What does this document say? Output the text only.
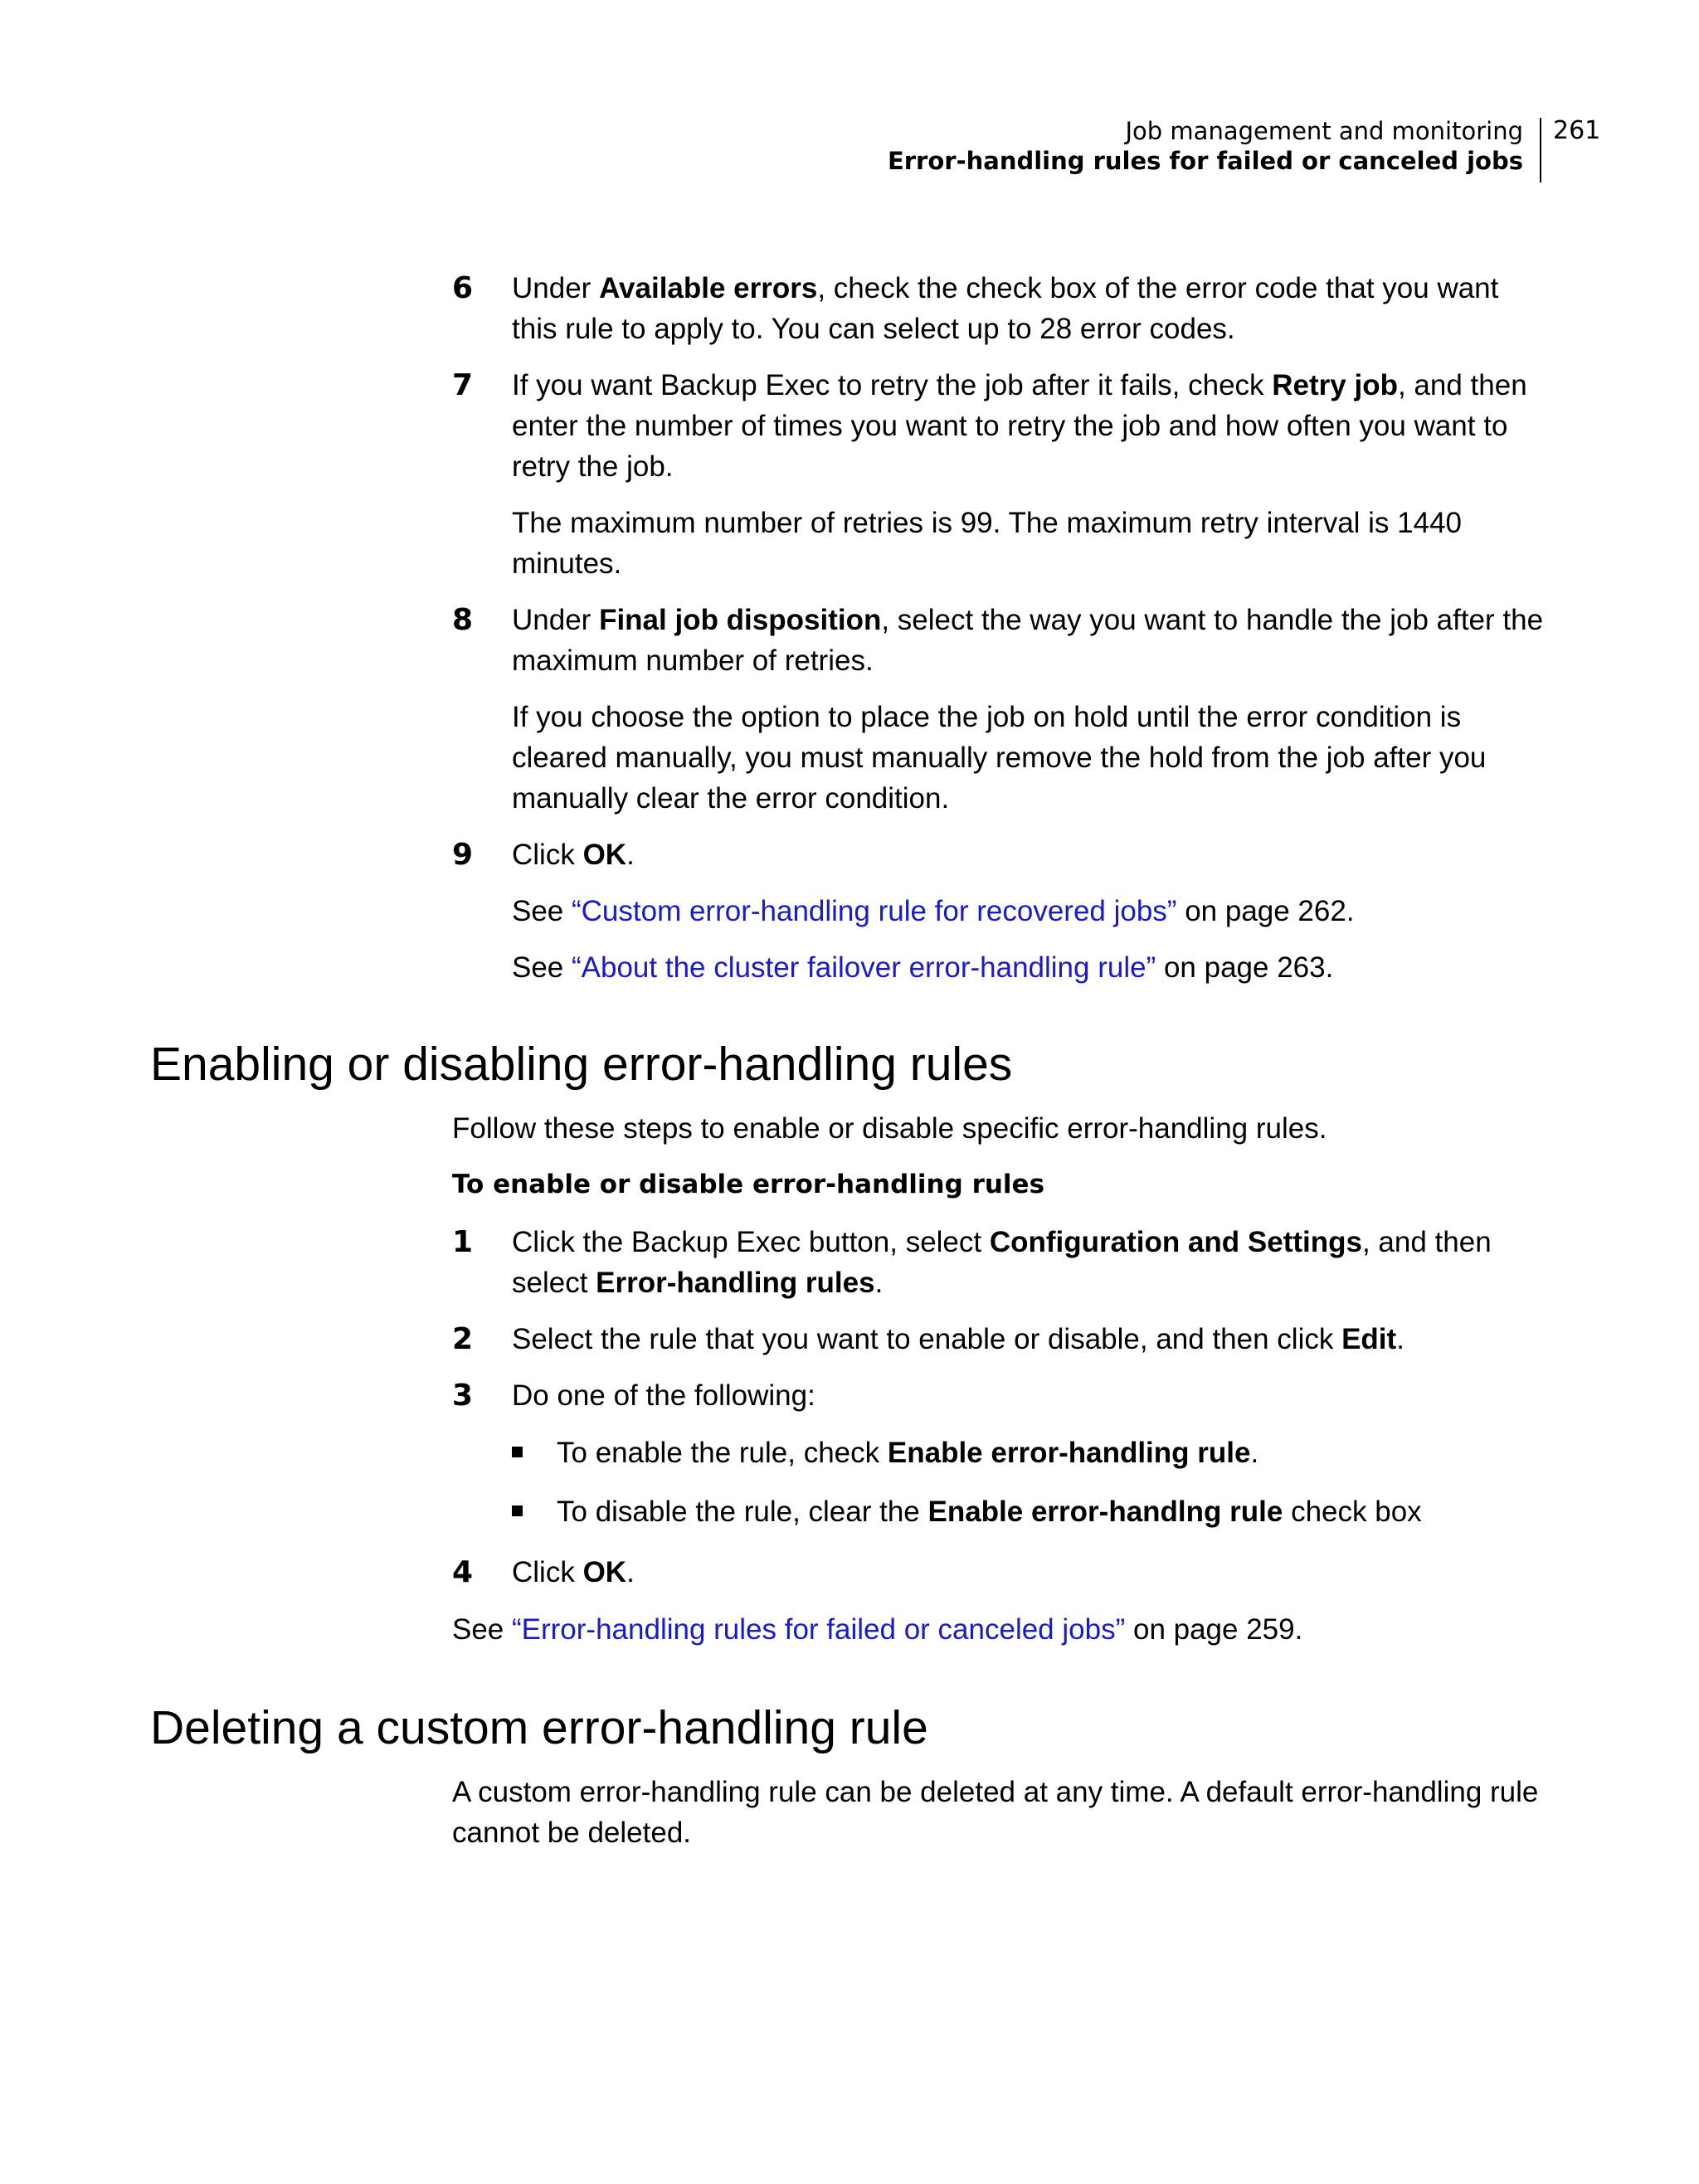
Job management and monitoring
Error-handling rules for failed or canceled jobs
261
6 Under Available errors, check the check box of the error code that you want this rule to apply to. You can select up to 28 error codes.
7 If you want Backup Exec to retry the job after it fails, check Retry job, and then enter the number of times you want to retry the job and how often you want to retry the job.
The maximum number of retries is 99. The maximum retry interval is 1440 minutes.
8 Under Final job disposition, select the way you want to handle the job after the maximum number of retries.
If you choose the option to place the job on hold until the error condition is cleared manually, you must manually remove the hold from the job after you manually clear the error condition.
9 Click OK.
See “Custom error-handling rule for recovered jobs” on page 262.
See “About the cluster failover error-handling rule” on page 263.
Enabling or disabling error-handling rules
Follow these steps to enable or disable specific error-handling rules.
To enable or disable error-handling rules
1 Click the Backup Exec button, select Configuration and Settings, and then select Error-handling rules.
2 Select the rule that you want to enable or disable, and then click Edit.
3 Do one of the following:
To enable the rule, check Enable error-handling rule.
To disable the rule, clear the Enable error-handlng rule check box
4 Click OK.
See “Error-handling rules for failed or canceled jobs” on page 259.
Deleting a custom error-handling rule
A custom error-handling rule can be deleted at any time. A default error-handling rule cannot be deleted.
